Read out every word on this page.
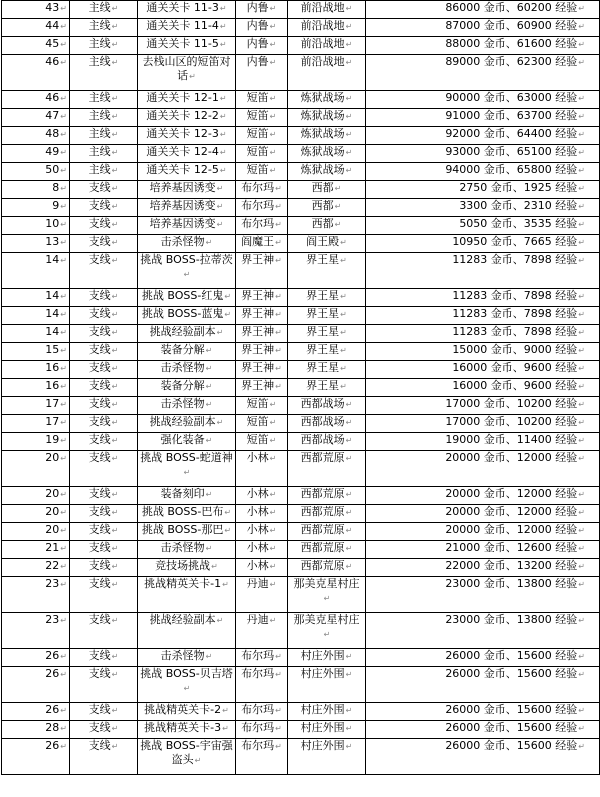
43↵	主线↵	通关关卡 11-3↵	内鲁↵	前沿战地↵	86000 金币、60200 经验↵
44↵	主线↵	通关关卡 11-4↵	内鲁↵	前沿战地↵	87000 金币、60900 经验↵
45↵	主线↵	通关关卡 11-5↵	内鲁↵	前沿战地↵	88000 金币、61600 经验↵
46↵	主线↵	去栈山区的短笛对话↵	内鲁↵	前沿战地↵	89000 金币、62300 经验↵
46↵	主线↵	通关关卡 12-1↵	短笛↵	炼狱战场↵	90000 金币、63000 经验↵
47↵	主线↵	通关关卡 12-2↵	短笛↵	炼狱战场↵	91000 金币、63700 经验↵
48↵	主线↵	通关关卡 12-3↵	短笛↵	炼狱战场↵	92000 金币、64400 经验↵
49↵	主线↵	通关关卡 12-4↵	短笛↵	炼狱战场↵	93000 金币、65100 经验↵
50↵	主线↵	通关关卡 12-5↵	短笛↵	炼狱战场↵	94000 金币、65800 经验↵
8↵	支线↵	培养基因诱变↵	布尔玛↵	西都↵	2750 金币、1925 经验↵
9↵	支线↵	培养基因诱变↵	布尔玛↵	西都↵	3300 金币、2310 经验↵
10↵	支线↵	培养基因诱变↵	布尔玛↵	西都↵	5050 金币、3535 经验↵
13↵	支线↵	击杀怪物↵	阎魔王↵	阎王殿↵	10950 金币、7665 经验↵
14↵	支线↵	挑战 BOSS-拉蒂茨↵	界王神↵	界王星↵	11283 金币、7898 经验↵
14↵	支线↵	挑战 BOSS-红鬼↵	界王神↵	界王星↵	11283 金币、7898 经验↵
14↵	支线↵	挑战 BOSS-蓝鬼↵	界王神↵	界王星↵	11283 金币、7898 经验↵
14↵	支线↵	挑战经验副本↵	界王神↵	界王星↵	11283 金币、7898 经验↵
15↵	支线↵	装备分解↵	界王神↵	界王星↵	15000 金币、9000 经验↵
16↵	支线↵	击杀怪物↵	界王神↵	界王星↵	16000 金币、9600 经验↵
16↵	支线↵	装备分解↵	界王神↵	界王星↵	16000 金币、9600 经验↵
17↵	支线↵	击杀怪物↵	短笛↵	西都战场↵	17000 金币、10200 经验↵
17↵	支线↵	挑战经验副本↵	短笛↵	西都战场↵	17000 金币、10200 经验↵
19↵	支线↵	强化装备↵	短笛↵	西都战场↵	19000 金币、11400 经验↵
20↵	支线↵	挑战 BOSS-蛇道神↵	小林↵	西都荒原↵	20000 金币、12000 经验↵
20↵	支线↵	装备刻印↵	小林↵	西都荒原↵	20000 金币、12000 经验↵
20↵	支线↵	挑战 BOSS-巴布↵	小林↵	西都荒原↵	20000 金币、12000 经验↵
20↵	支线↵	挑战 BOSS-那巴↵	小林↵	西都荒原↵	20000 金币、12000 经验↵
21↵	支线↵	击杀怪物↵	小林↵	西都荒原↵	21000 金币、12600 经验↵
22↵	支线↵	竞技场挑战↵	小林↵	西都荒原↵	22000 金币、13200 经验↵
23↵	支线↵	挑战精英关卡-1↵	丹迪↵	那美克星村庄↵	23000 金币、13800 经验↵
23↵	支线↵	挑战经验副本↵	丹迪↵	那美克星村庄↵	23000 金币、13800 经验↵
26↵	支线↵	击杀怪物↵	布尔玛↵	村庄外围↵	26000 金币、15600 经验↵
26↵	支线↵	挑战 BOSS-贝吉塔↵	布尔玛↵	村庄外围↵	26000 金币、15600 经验↵
26↵	支线↵	挑战精英关卡-2↵	布尔玛↵	村庄外围↵	26000 金币、15600 经验↵
28↵	支线↵	挑战精英关卡-3↵	布尔玛↵	村庄外围↵	26000 金币、15600 经验↵
26↵	支线↵	挑战 BOSS-宇宙强盗头↵	布尔玛↵	村庄外围↵	26000 金币、15600 经验↵
